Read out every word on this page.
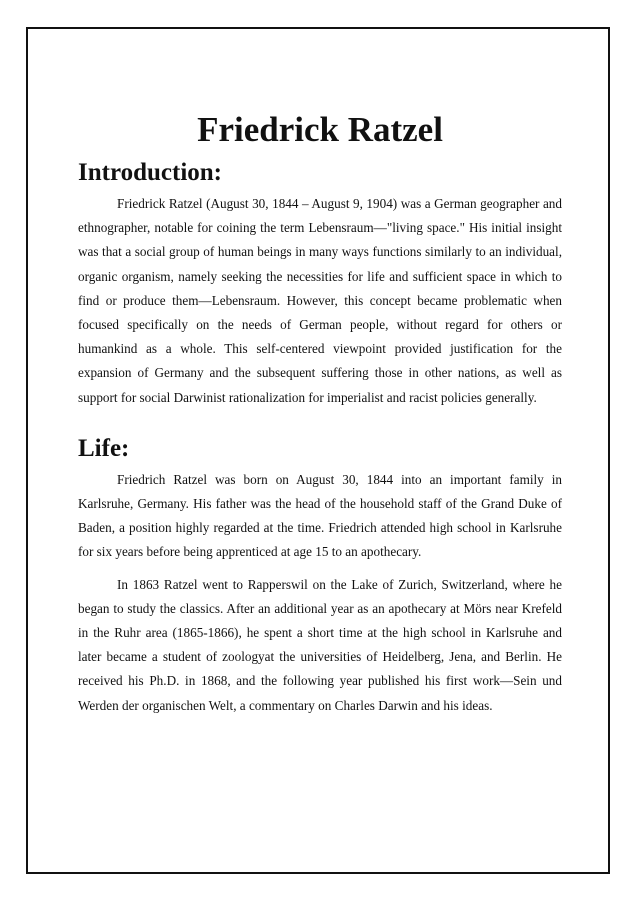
Friedrick Ratzel
Introduction:

Friedrick Ratzel (August 30, 1844 – August 9, 1904) was a German geographer and ethnographer, notable for coining the term Lebensraum—"living space." His initial insight was that a social group of human beings in many ways functions similarly to an individual, organic organism, namely seeking the necessities for life and sufficient space in which to find or produce them—Lebensraum. However, this concept became problematic when focused specifically on the needs of German people, without regard for others or humankind as a whole. This self-centered viewpoint provided justification for the expansion of Germany and the subsequent suffering those in other nations, as well as support for social Darwinist rationalization for imperialist and racist policies generally.

Life:

Friedrich Ratzel was born on August 30, 1844 into an important family in Karlsruhe, Germany. His father was the head of the household staff of the Grand Duke of Baden, a position highly regarded at the time. Friedrich attended high school in Karlsruhe for six years before being apprenticed at age 15 to an apothecary.

In 1863 Ratzel went to Rapperswil on the Lake of Zurich, Switzerland, where he began to study the classics. After an additional year as an apothecary at Mörs near Krefeld in the Ruhr area (1865-1866), he spent a short time at the high school in Karlsruhe and later became a student of zoologyat the universities of Heidelberg, Jena, and Berlin. He received his Ph.D. in 1868, and the following year published his first work—Sein und Werden der organischen Welt, a commentary on Charles Darwin and his ideas.
